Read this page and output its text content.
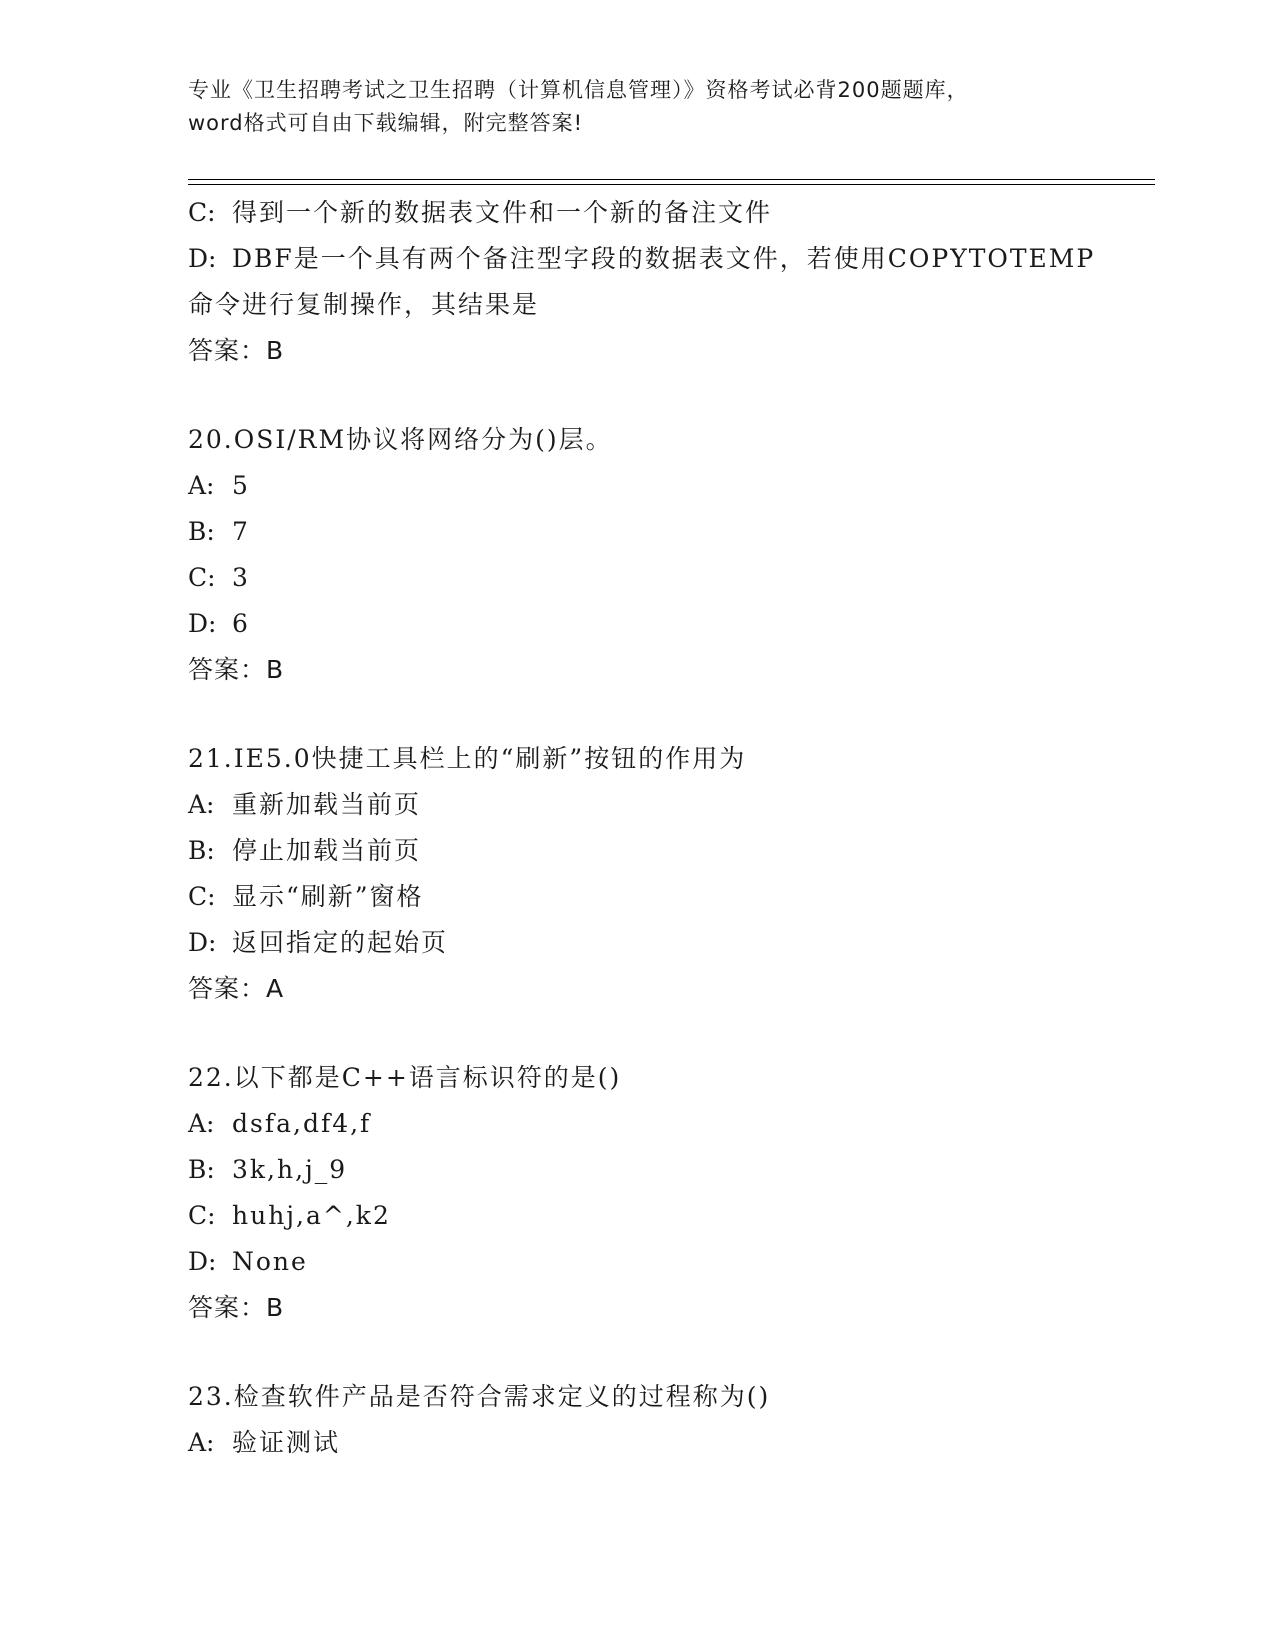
专业《卫生招聘考试之卫生招聘（计算机信息管理）》资格考试必背200题题库，
word格式可自由下载编辑，附完整答案!
C: 得到一个新的数据表文件和一个新的备注文件
D: DBF是一个具有两个备注型字段的数据表文件，若使用COPYTOTEMP
命令进行复制操作，其结果是
答案：B
20.OSI/RM协议将网络分为()层。
A: 5
B: 7
C: 3
D: 6
答案：B
21.IE5.0快捷工具栏上的“刷新”按钮的作用为
A: 重新加载当前页
B: 停止加载当前页
C: 显示“刷新”窗格
D: 返回指定的起始页
答案：A
22.以下都是C++语言标识符的是()
A: dsfa,df4,f
B: 3k,h,j_9
C: huhj,a^,k2
D: None
答案：B
23.检查软件产品是否符合需求定义的过程称为()
A: 验证测试
